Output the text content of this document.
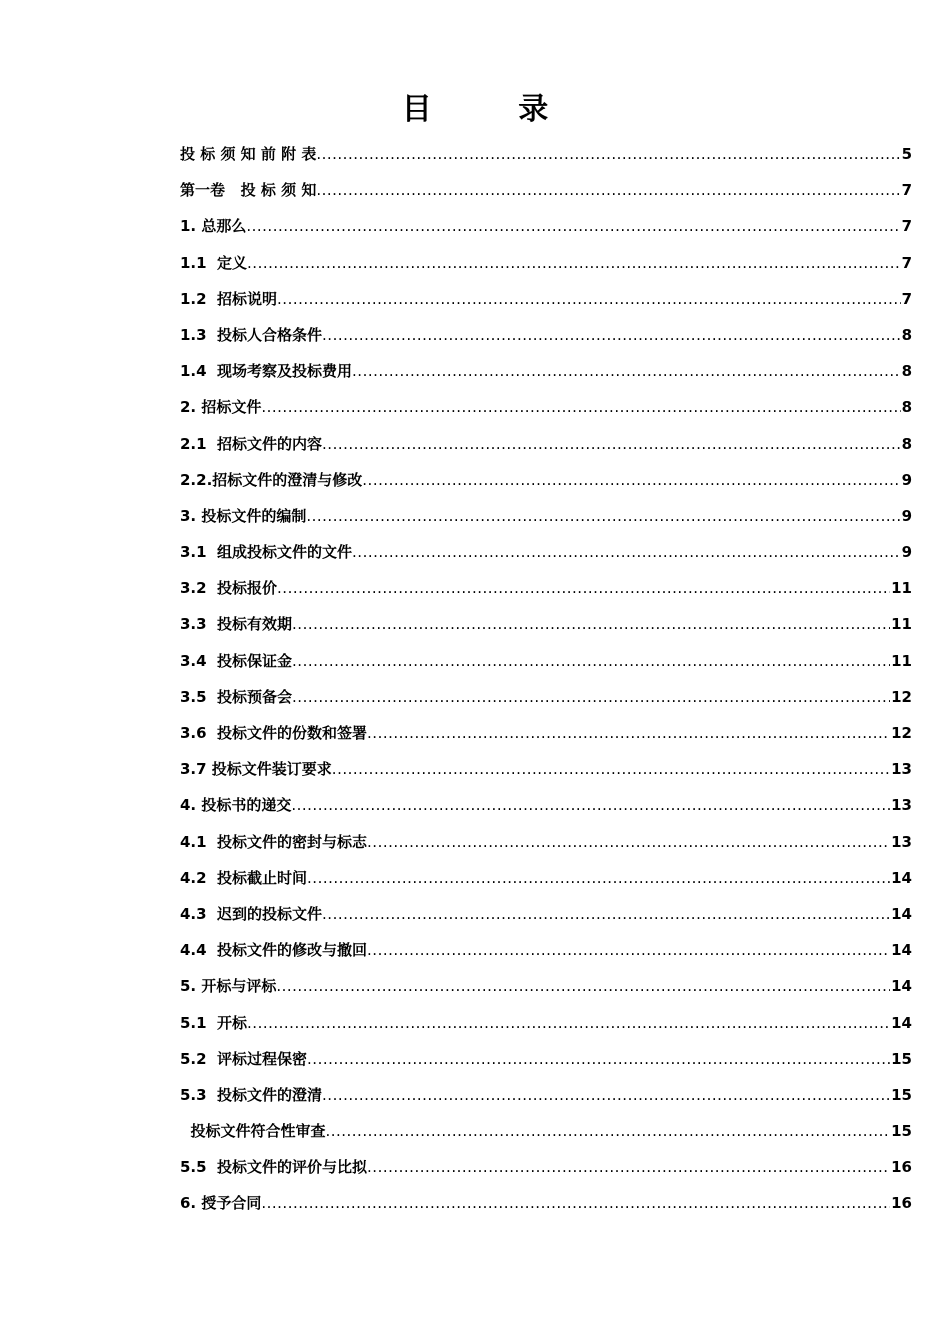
目 录
投 标 须 知 前 附 表 .....	5
第一卷   投 标 须 知 .....	7
1. 总那么 .....	7
1.1  定义 .....	7
1.2  招标说明 .....	7
1.3  投标人合格条件 .....	8
1.4  现场考察及投标费用 .....	8
2. 招标文件 .....	8
2.1  招标文件的内容 .....	8
2.2.招标文件的澄清与修改 .....	9
3. 投标文件的编制 .....	9
3.1  组成投标文件的文件 .....	9
3.2  投标报价 .....	11
3.3  投标有效期 .....	11
3.4  投标保证金 .....	11
3.5  投标预备会 .....	12
3.6  投标文件的份数和签署 .....	12
3.7 投标文件装订要求 .....	13
4. 投标书的递交 .....	13
4.1  投标文件的密封与标志 .....	13
4.2  投标截止时间 .....	14
4.3  迟到的投标文件 .....	14
4.4  投标文件的修改与撤回 .....	14
5. 开标与评标 .....	14
5.1  开标 .....	14
5.2  评标过程保密 .....	15
5.3  投标文件的澄清 .....	15
投标文件符合性审查 .....	15
5.5  投标文件的评价与比拟 .....	16
6. 授予合同 .....	16
